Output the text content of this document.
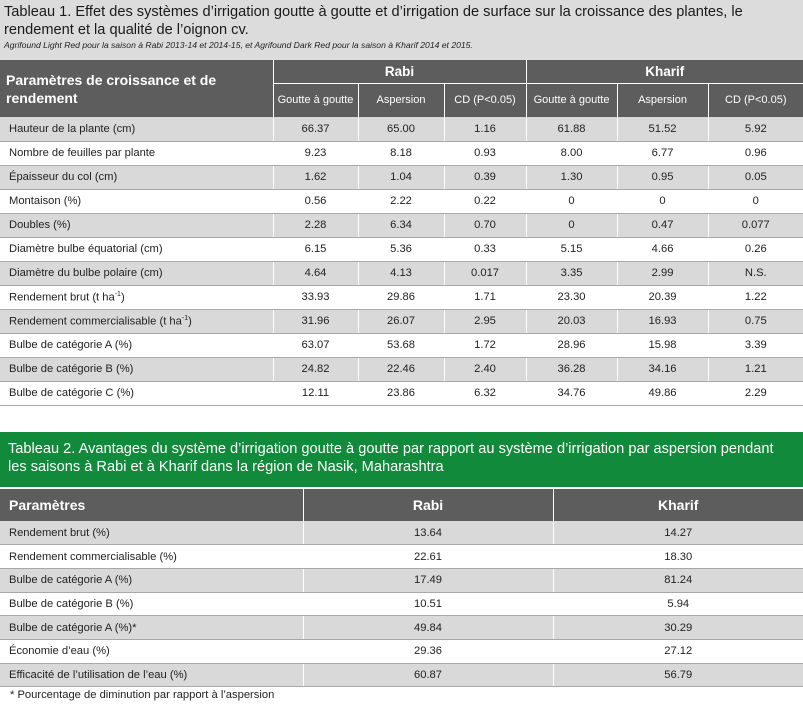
Tableau 1. Effet des systèmes d’irrigation goutte à goutte et d’irrigation de surface sur la croissance des plantes, le rendement et la qualité de l’oignon cv.
Agrifound Light Red pour la saison à Rabi 2013-14 et 2014-15, et Agrifound Dark Red pour la saison à Kharif 2014 et 2015.
Paramètres de croissance et de rendement	Rabi			Kharif		
	Goutte à goutte	Aspersion	CD (P<0.05)	Goutte à goutte	Aspersion	CD (P<0.05)
Hauteur de la plante (cm)	66.37	65.00	1.16	61.88	51.52	5.92
Nombre de feuilles par plante	9.23	8.18	0.93	8.00	6.77	0.96
Épaisseur du col (cm)	1.62	1.04	0.39	1.30	0.95	0.05
Montaison (%)	0.56	2.22	0.22	0	0	0
Doubles (%)	2.28	6.34	0.70	0	0.47	0.077
Diamètre bulbe équatorial (cm)	6.15	5.36	0.33	5.15	4.66	0.26
Diamètre du bulbe polaire (cm)	4.64	4.13	0.017	3.35	2.99	N.S.
Rendement brut (t $ha^{-1}$)	33.93	29.86	1.71	23.30	20.39	1.22
Rendement commercialisable (t $ha^{-1}$)	31.96	26.07	2.95	20.03	16.93	0.75
Bulbe de catégorie A (%)	63.07	53.68	1.72	28.96	15.98	3.39
Bulbe de catégorie B (%)	24.82	22.46	2.40	36.28	34.16	1.21
Bulbe de catégorie C (%)	12.11	23.86	6.32	34.76	49.86	2.29
Tableau 2. Avantages du système d’irrigation goutte à goutte par rapport au système d’irrigation par aspersion pendant les saisons à Rabi et à Kharif dans la région de Nasik, Maharashtra
Paramètres	Rabi	Kharif
Rendement brut (%)	13.64	14.27
Rendement commercialisable (%)	22.61	18.30
Bulbe de catégorie A (%)	17.49	81.24
Bulbe de catégorie B (%)	10.51	5.94
Bulbe de catégorie A (%)*	49.84	30.29
Économie d’eau (%)	29.36	27.12
Efficacité de l’utilisation de l’eau (%)	60.87	56.79
* Pourcentage de diminution par rapport à l’aspersion
